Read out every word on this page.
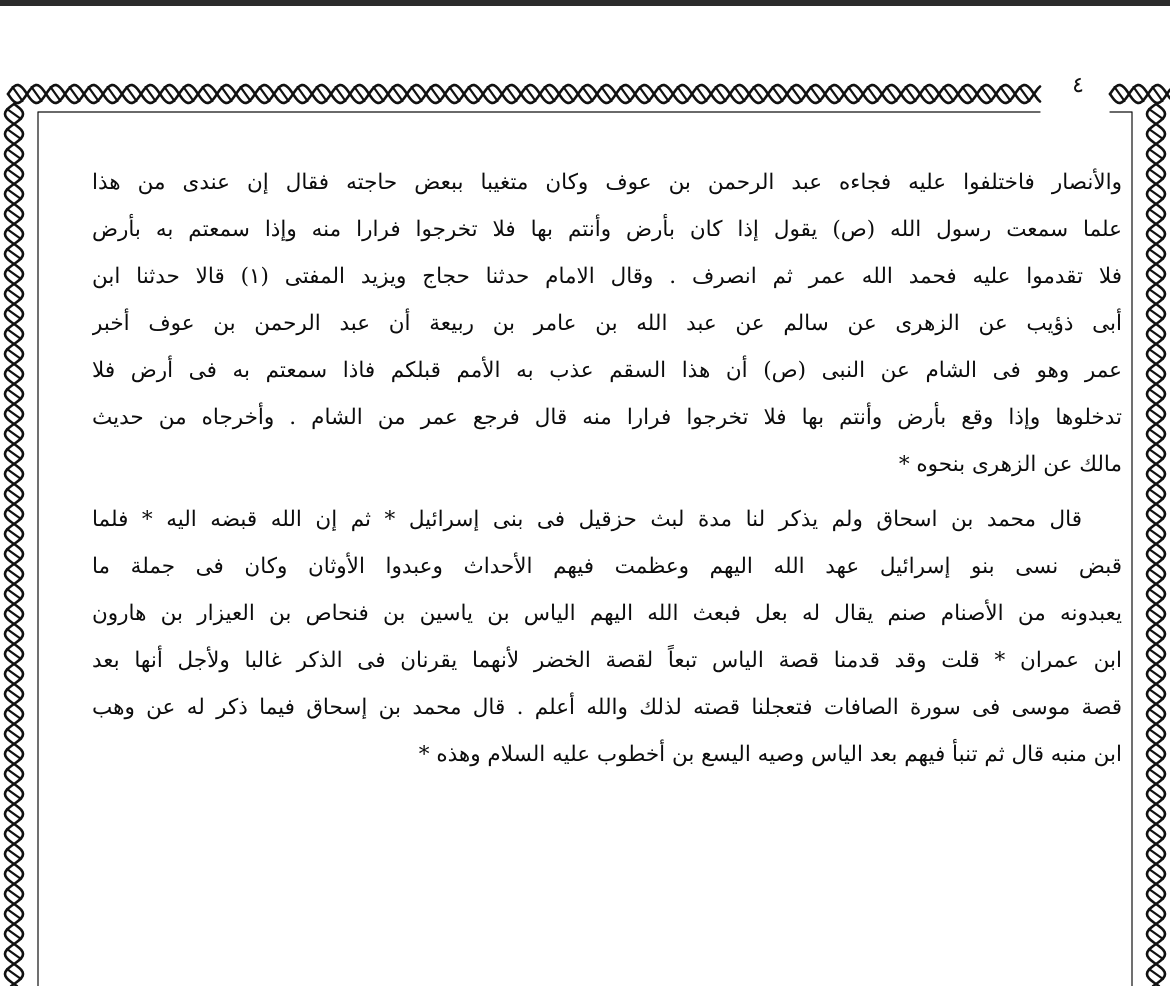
٤
والأنصار فاختلفوا عليه فجاءه عبد الرحمن بن عوف وكان متغيبا ببعض حاجته فقال إن عندى من هذا
علما سمعت رسول الله (ص) يقول إذا كان بأرض وأنتم بها فلا تخرجوا فرارا منه وإذا سمعتم به بأرض
فلا تقدموا عليه فحمد الله عمر ثم انصرف . وقال الامام حدثنا حجاج ويزيد المفتى (١) قالا حدثنا ابن
أبى ذؤيب عن الزهرى عن سالم عن عبد الله بن عامر بن ربيعة أن عبد الرحمن بن عوف أخبر
عمر وهو فى الشام عن النبى (ص) أن هذا السقم عذب به الأمم قبلكم فاذا سمعتم به فى أرض فلا
تدخلوها وإذا وقع بأرض وأنتم بها فلا تخرجوا فرارا منه قال فرجع عمر من الشام . وأخرجاه من حديث
مالك عن الزهرى بنحوه *
قال محمد بن اسحاق ولم يذكر لنا مدة لبث حزقيل فى بنى إسرائيل * ثم إن الله قبضه اليه * فلما
قبض نسى بنو إسرائيل عهد الله اليهم وعظمت فيهم الأحداث وعبدوا الأوثان وكان فى جملة ما
يعبدونه من الأصنام صنم يقال له بعل فبعث الله اليهم الياس بن ياسين بن فنحاص بن العيزار بن هارون
ابن عمران * قلت وقد قدمنا قصة الياس تبعاً لقصة الخضر لأنهما يقرنان فى الذكر غالبا ولأجل أنها بعد
قصة موسى فى سورة الصافات فتعجلنا قصته لذلك والله أعلم . قال محمد بن إسحاق فيما ذكر له عن وهب
ابن منبه قال ثم تنبأ فيهم بعد الياس وصيه اليسع بن أخطوب عليه السلام وهذه *
